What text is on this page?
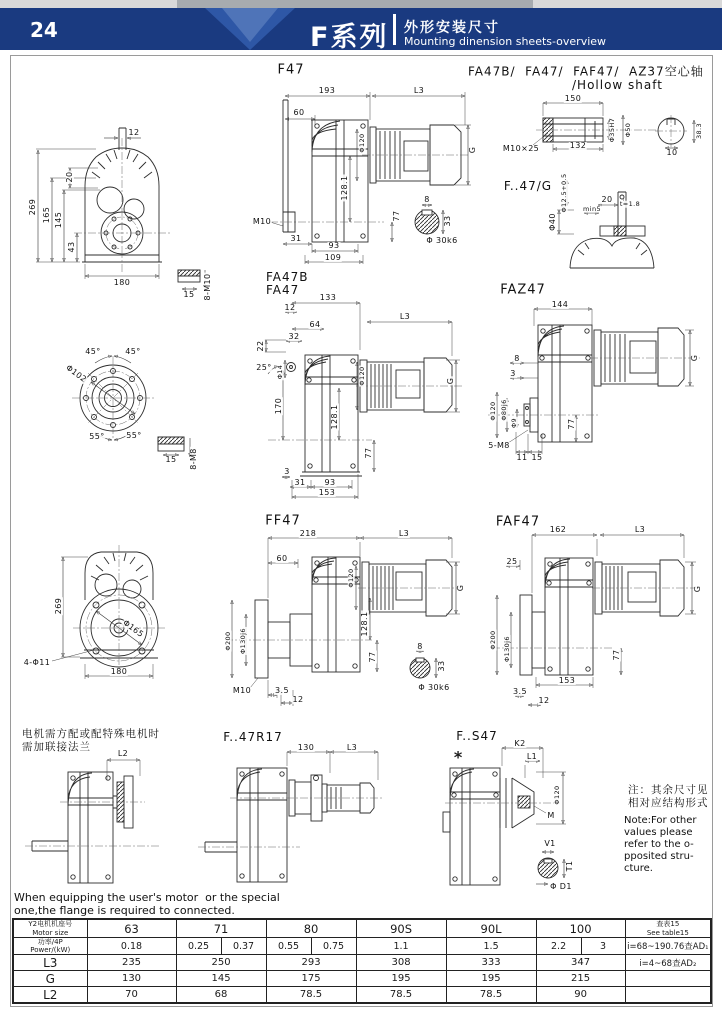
24	F系列 外形安装尺寸
Mounting dinension sheets-overview
F47	FA47B/  FA47/  FAF47/  AZ37空心轴
/Hollow shaft
F..47/G
FA47B
FA47	FAZ47
FF47	FAF47
F..47R17	F..S47
*
12
20
269 165 145
43
180
15 8-M10
193	L3
60
Φ120	G
128.1
77
M10
31
93
109
8
33
Φ 30k6
150
M10×25	132
Φ35H7 Φ50	38.3
10
Φ12.5+0.5	20
min5
t=1.8
Φ40
45°	45°
Φ102
55°	55°
15 8-M8
133
12
64
32
22
Φ14
25°
170	128.1
Φ120
L3
G
77
3
31 93
153
144
8
3
G
Φ120 Φ80j6
Φ9
5-M8
11 15
77
269
Φ165
4-Φ11
180
218	L3
60
Φ120
G
128.1
77
Φ200 Φ130j6
M10	3.5
12
8
33
Φ 30k6
162	L3
25
G
Φ200 Φ130j6	77
153
3.5
12
电机需方配或配特殊电机时
需加联接法兰
L2
130	L3	K2
L1
Φ120
M
V1
T1
Φ D1
注：其余尺寸见
相对应结构形式
Note:For other
values please
refer to the o-
pposited stru-
cture.
When equipping the user's motor  or the special
one,the flange is required to connected.
Y2电机机座号
Motor size	63	71	80	90S	90L	100	查表15
See table15

功率/4P
Power/(kW)	0.18	0.25	0.37	0.55	0.75	1.1	1.5	2.2	3	i=68~190.76查AD₁
L3	235	250		293		308	333	347		i=4~68查AD₂
G	130	145		175		195	195	215		
L2	70	68		78.5		78.5	78.5	90		
